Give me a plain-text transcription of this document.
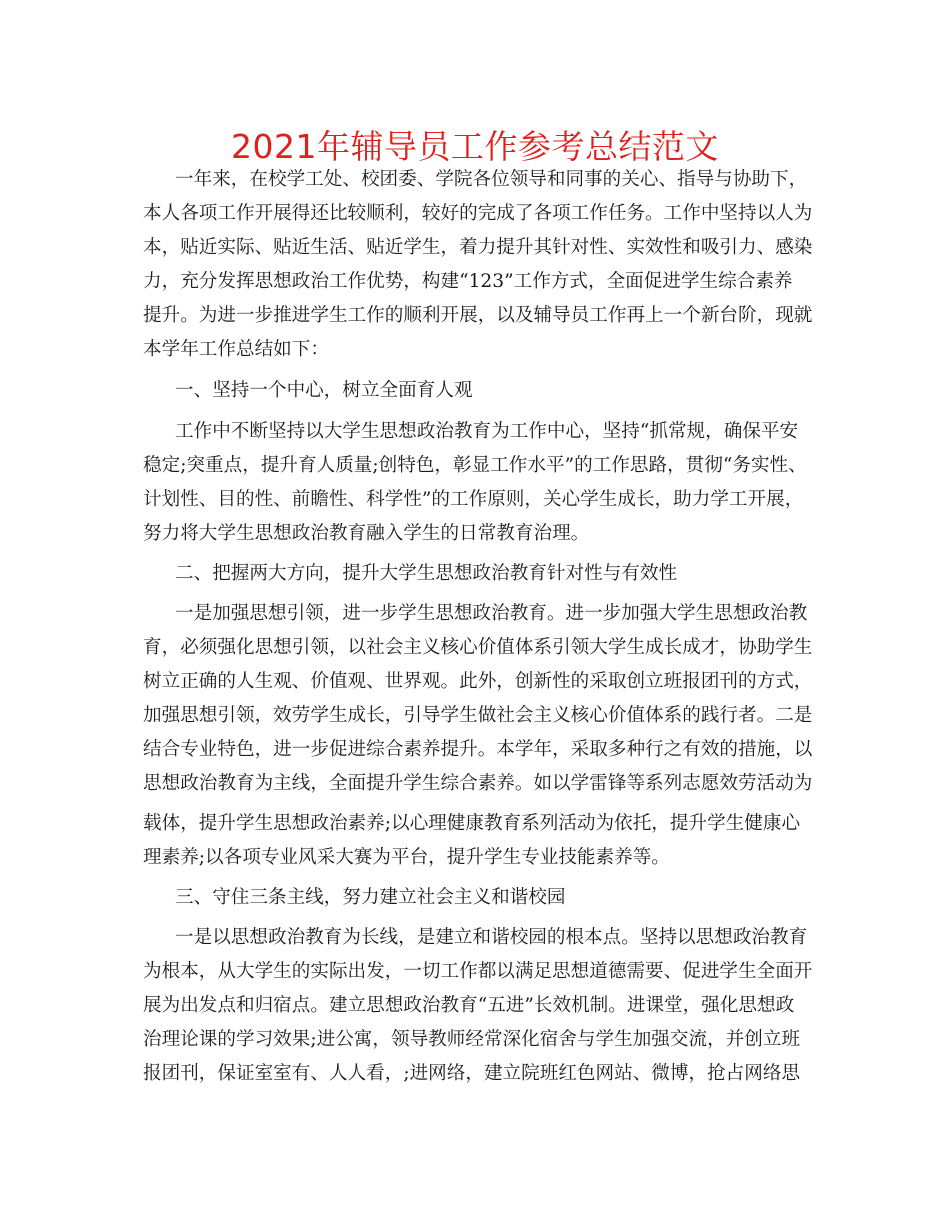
2021年辅导员工作参考总结范文
一年来，在校学工处、校团委、学院各位领导和同事的关心、指导与协助下，
本人各项工作开展得还比较顺利，较好的完成了各项工作任务。工作中坚持以人为
本，贴近实际、贴近生活、贴近学生，着力提升其针对性、实效性和吸引力、感染
力，充分发挥思想政治工作优势，构建“123”工作方式，全面促进学生综合素养
提升。为进一步推进学生工作的顺利开展，以及辅导员工作再上一个新台阶，现就
本学年工作总结如下：
一、坚持一个中心，树立全面育人观
工作中不断坚持以大学生思想政治教育为工作中心，坚持“抓常规，确保平安
稳定;突重点，提升育人质量;创特色，彰显工作水平”的工作思路，贯彻“务实性、
计划性、目的性、前瞻性、科学性”的工作原则，关心学生成长，助力学工开展，
努力将大学生思想政治教育融入学生的日常教育治理。
二、把握两大方向，提升大学生思想政治教育针对性与有效性
一是加强思想引领，进一步学生思想政治教育。进一步加强大学生思想政治教
育，必须强化思想引领，以社会主义核心价值体系引领大学生成长成才，协助学生
树立正确的人生观、价值观、世界观。此外，创新性的采取创立班报团刊的方式，
加强思想引领，效劳学生成长，引导学生做社会主义核心价值体系的践行者。二是
结合专业特色，进一步促进综合素养提升。本学年，采取多种行之有效的措施，以
思想政治教育为主线，全面提升学生综合素养。如以学雷锋等系列志愿效劳活动为
载体，提升学生思想政治素养;以心理健康教育系列活动为依托，提升学生健康心
理素养;以各项专业风采大赛为平台，提升学生专业技能素养等。
三、守住三条主线，努力建立社会主义和谐校园
一是以思想政治教育为长线，是建立和谐校园的根本点。坚持以思想政治教育
为根本，从大学生的实际出发，一切工作都以满足思想道德需要、促进学生全面开
展为出发点和归宿点。建立思想政治教育“五进”长效机制。进课堂，强化思想政
治理论课的学习效果;进公寓，领导教师经常深化宿舍与学生加强交流，并创立班
报团刊，保证室室有、人人看，;进网络，建立院班红色网站、微博，抢占网络思
